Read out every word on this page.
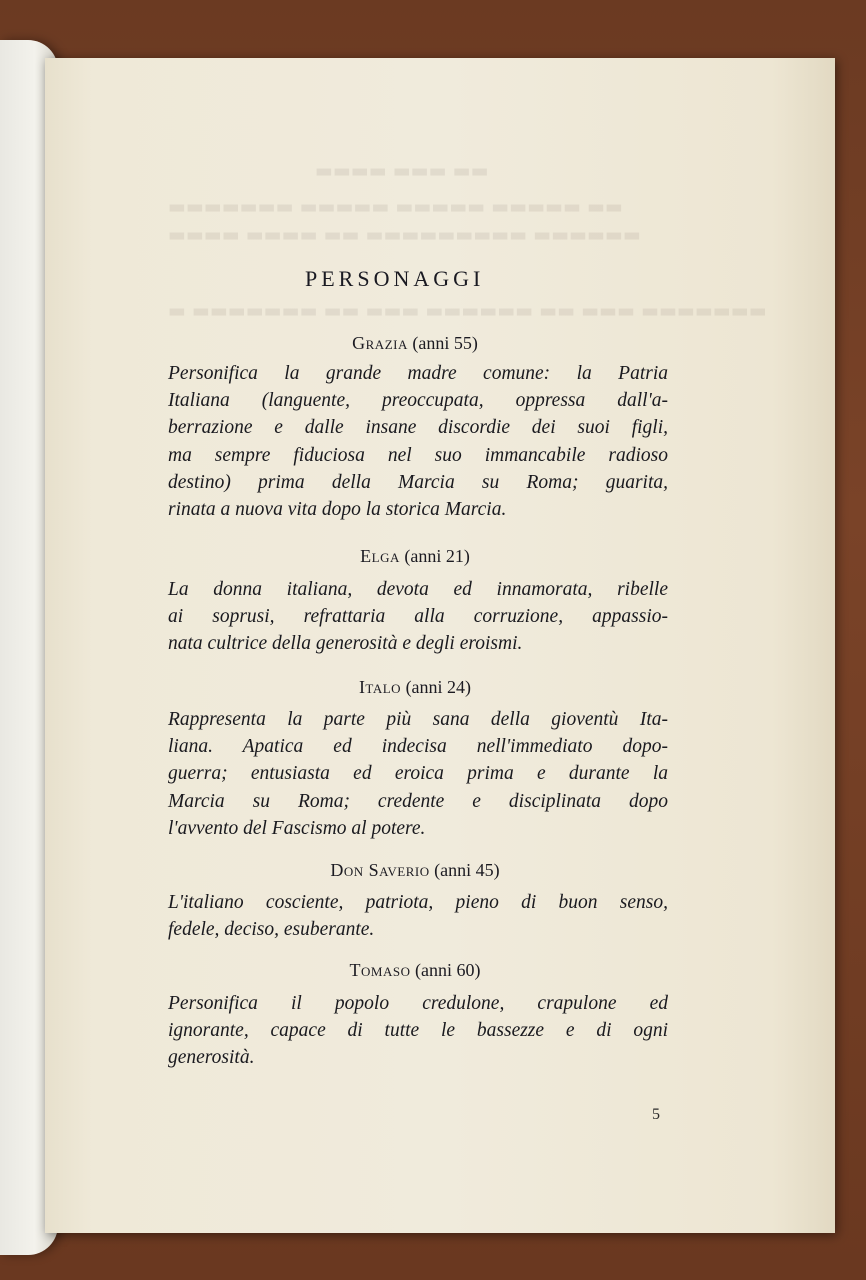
▬▬▬▬ ▬▬▬ ▬▬
▬▬▬▬▬▬▬ ▬▬▬▬▬ ▬▬▬▬▬ ▬▬▬▬▬ ▬▬
▬▬▬▬ ▬▬▬▬ ▬▬ ▬▬▬▬▬▬▬▬▬ ▬▬▬▬▬▬
▬ ▬▬▬▬▬▬▬ ▬▬ ▬▬▬ ▬▬▬▬▬▬ ▬▬ ▬▬▬ ▬▬▬▬▬▬▬
PERSONAGGI
Grazia (anni 55)
Personifica la grande madre comune: la Patria
Italiana (languente, preoccupata, oppressa dall'a-
berrazione e dalle insane discordie dei suoi figli,
ma sempre fiduciosa nel suo immancabile radioso
destino) prima della Marcia su Roma; guarita,
rinata a nuova vita dopo la storica Marcia.
Elga (anni 21)
La donna italiana, devota ed innamorata, ribelle
ai soprusi, refrattaria alla corruzione, appassio-
nata cultrice della generosità e degli eroismi.
Italo (anni 24)
Rappresenta la parte più sana della gioventù Ita-
liana. Apatica ed indecisa nell'immediato dopo-
guerra; entusiasta ed eroica prima e durante la
Marcia su Roma; credente e disciplinata dopo
l'avvento del Fascismo al potere.
Don Saverio (anni 45)
L'italiano cosciente, patriota, pieno di buon senso,
fedele, deciso, esuberante.
Tomaso (anni 60)
Personifica il popolo credulone, crapulone ed
ignorante, capace di tutte le bassezze e di ogni
generosità.
5
